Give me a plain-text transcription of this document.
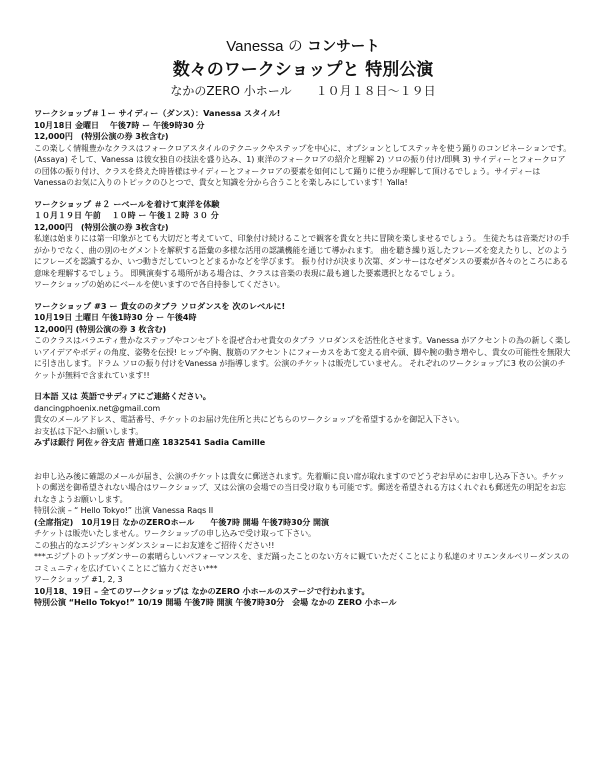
Vanessa の コンサート
数々のワークショップと 特別公演
なかのZERO 小ホール　　１０月１８日～１９日

ワークショップ＃１ー サイディー（ダンス）：Vanessa スタイル!

10月18日 金曜日　 午後7時 ー 午後9時30 分

12,000円　(特別公演の券 3枚含む)

この楽しく情報豊かなクラスはフォークロアスタイルのテクニックやステップを中心に、オプションとしてステッキを使う踊りのコンビネーションです。(Assaya) そして、Vanessa は彼女独自の技法を盛り込み、1) 東洋のフォークロアの紹介と理解 2) ソロの振り付け/即興 3) サイディーとフォークロアの団体の振り付け、クラスを終えた時皆様はサイディーとフォークロアの要素を如何にして踊りに使うか理解して頂けるでしょう。サイディーはVanessaのお気に入りのトピックのひとつで、貴女と知識を分から合うことを楽しみにしています！Yalla!

ワークショップ ＃２ ーベールを着けて東洋を体験

１０月１９日 午前　 １０時 ー 午後１２時 ３０ 分

12,000円　(特別公演の券 3枚含む)

私達は始まりには第一印象がとても大切だと考えていて、印象付け続けることで観客を貴女と共に冒険を楽しませるでしょう。 生徒たちは音楽だけの手がかりでなく、曲の別のセグメントを解釈する語彙の多様な活用の認識機能を通じて導かれます。 曲を聴き繰り返したフレーズを変えたりし、どのようにフレーズを認識するか、いつ動きだしていつとどまるかなどを学びます。 振り付けが決まり次第、ダンサーはなぜダンスの要素が各々のところにある意味を理解するでしょう。 即興演奏する場所がある場合は、クラスは音楽の表現に最も適した要素選択となるでしょう。

ワークショップの始めにベールを使いますので各自持参してください。

ワークショップ #3 ー 貴女ののタブラ ソロダンスを 次のレベルに!

10月19日 土曜日 午後1時30 分 ー 午後4時

12,000円 (特別公演の券 3 枚含む)

このクラスはバラエティ豊かなステップやコンセプトを混ぜ合わせ貴女のタブラ ソロダンスを活性化させます。Vanessa がアクセントの為の新しく楽しいアイデアやボディの角度、姿勢を伝授! ヒップや胸、腹筋のアクセントにフォーカスをあて変える肩や頭、脚や腕の動き増やし、貴女の可能性を無限大に引き出します。ドラム ソロの振り付けをVanessa が指導します。公演のチケットは販売していません。 それぞれのワークショップに3 枚の公演のチケットが無料で含まれています!!

日本語 又は 英語でサディアにご連絡ください。

dancingphoenix.net@gmail.com

貴女のメールアドレス、電話番号、チケットのお届け先住所と共にどちらのワークショップを希望するかを御記入下さい。

お支払は下記へお願いします。

みずほ銀行 阿佐ヶ谷支店 普通口座 1832541 Sadia Camille

お申し込み後に確認のメールが届き、公演のチケットは貴女に郵送されます。先着順に良い席が取れますのでどうぞお早めにお申し込み下さい。チケットの郵送を御希望されない場合はワークショップ、又は公演の会場での当日受け取りも可能です。郵送を希望される方はくれぐれも郵送先の明記をお忘れなきようお願いします。

特別公演 – “ Hello Tokyo!” 出演 Vanessa Raqs II

(全席指定)　10月19日 なかのZEROホール　　午後7時 開場 午後7時30分 開演

チケットは販売いたしません。ワークショップの申し込みで受け取って下さい。

この独占的なエジプシャンダンスショーにお友達をご招待ください!!

***エジプトのトップダンサーの素晴らしいパフォーマンスを、まだ踊ったことのない方々に観ていただくことにより私達のオリエンタルベリーダンスのコミュニティを広げていくことにご協力ください***

ワークショップ #1, 2, 3

10月18、19日 – 全てのワークショップは なかのZERO 小ホールのステージで行われます。

特別公演 “Hello Tokyo!” 10/19 開場 午後7時 開演 午後7時30分　会場 なかの ZERO 小ホール
